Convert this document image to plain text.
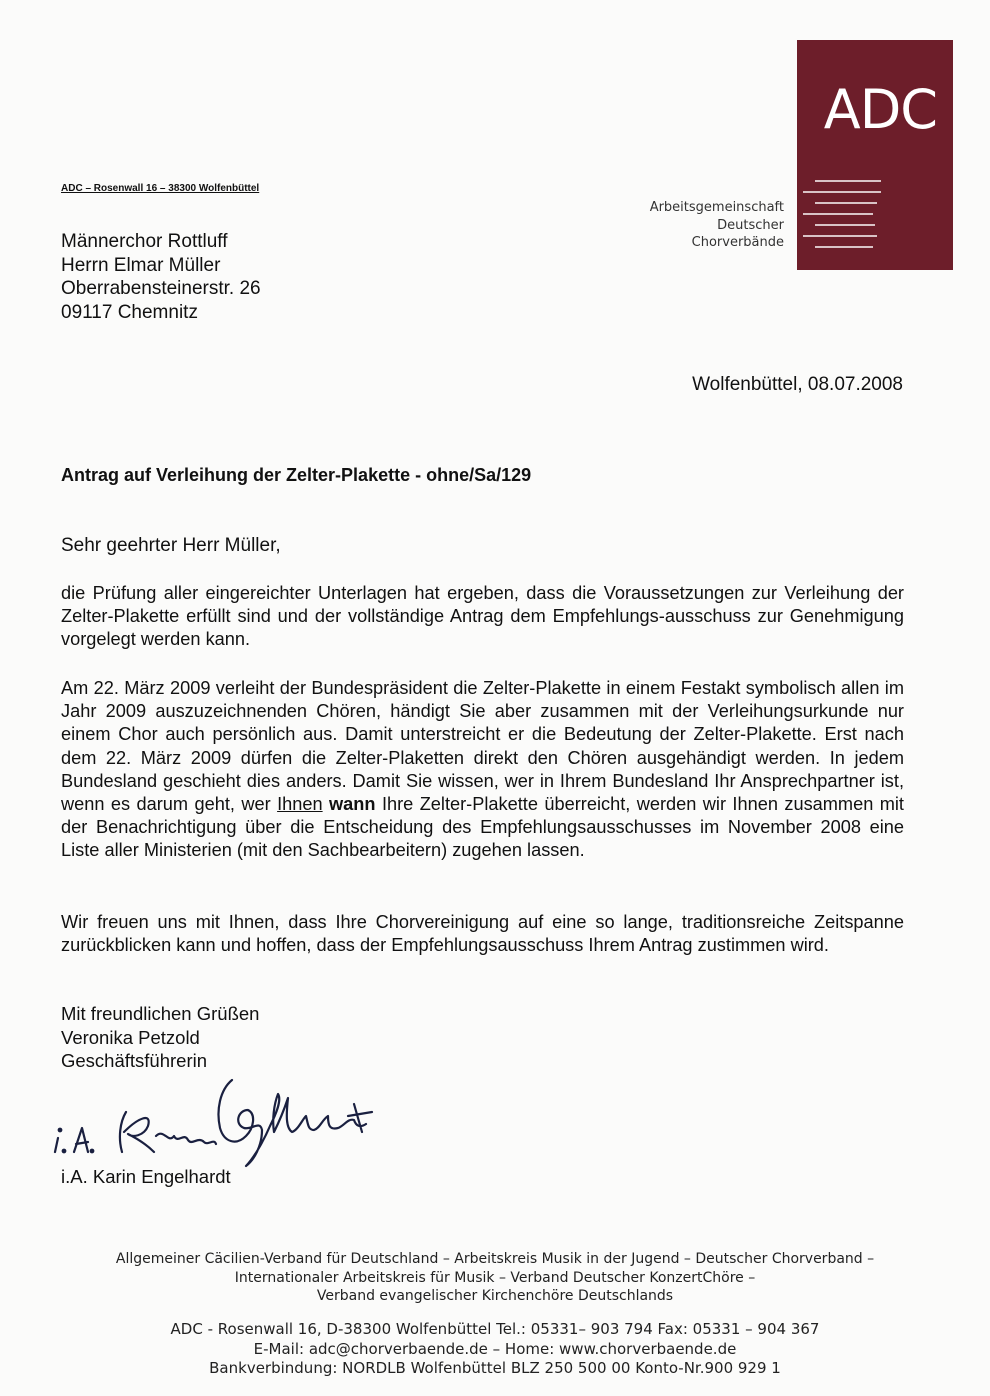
ADC – Rosenwall 16 – 38300 Wolfenbüttel
Männerchor Rottluff
Herrn Elmar Müller
Oberrabensteinerstr. 26
09117 Chemnitz
Arbeitsgemeinschaft
Deutscher
Chorverbände
ADC
Wolfenbüttel, 08.07.2008
Antrag auf Verleihung der Zelter-Plakette - ohne/Sa/129
Sehr geehrter Herr Müller,
die Prüfung aller eingereichter Unterlagen hat ergeben, dass die Voraussetzungen zur Verleihung der Zelter-Plakette erfüllt sind und der vollständige Antrag dem Empfehlungs-ausschuss zur Genehmigung vorgelegt werden kann.
Am 22. März 2009 verleiht der Bundespräsident die Zelter-Plakette in einem Festakt symbolisch allen im Jahr 2009 auszuzeichnenden Chören, händigt Sie aber zusammen mit der Verleihungsurkunde nur einem Chor auch persönlich aus. Damit unterstreicht er die Bedeutung der Zelter-Plakette. Erst nach dem 22. März 2009 dürfen die Zelter-Plaketten direkt den Chören ausgehändigt werden. In jedem Bundesland geschieht dies anders. Damit Sie wissen, wer in Ihrem Bundesland Ihr Ansprechpartner ist, wenn es darum geht, wer Ihnen wann Ihre Zelter-Plakette überreicht, werden wir Ihnen zusammen mit der Benachrichtigung über die Entscheidung des Empfehlungsausschusses im November 2008 eine Liste aller Ministerien (mit den Sachbearbeitern) zugehen lassen.
Wir freuen uns mit Ihnen, dass Ihre Chorvereinigung auf eine so lange, traditionsreiche Zeitspanne zurückblicken kann und hoffen, dass der Empfehlungsausschuss Ihrem Antrag zustimmen wird.
Mit freundlichen Grüßen
Veronika Petzold
Geschäftsführerin
i.A. Karin Engelhardt
Allgemeiner Cäcilien-Verband für Deutschland – Arbeitskreis Musik in der Jugend – Deutscher Chorverband –
Internationaler Arbeitskreis für Musik – Verband Deutscher KonzertChöre –
Verband evangelischer Kirchenchöre Deutschlands
ADC - Rosenwall 16, D-38300 Wolfenbüttel Tel.: 05331– 903 794 Fax: 05331 – 904 367
E-Mail: adc@chorverbaende.de – Home: www.chorverbaende.de
Bankverbindung: NORDLB Wolfenbüttel BLZ 250 500 00 Konto-Nr.900 929 1
